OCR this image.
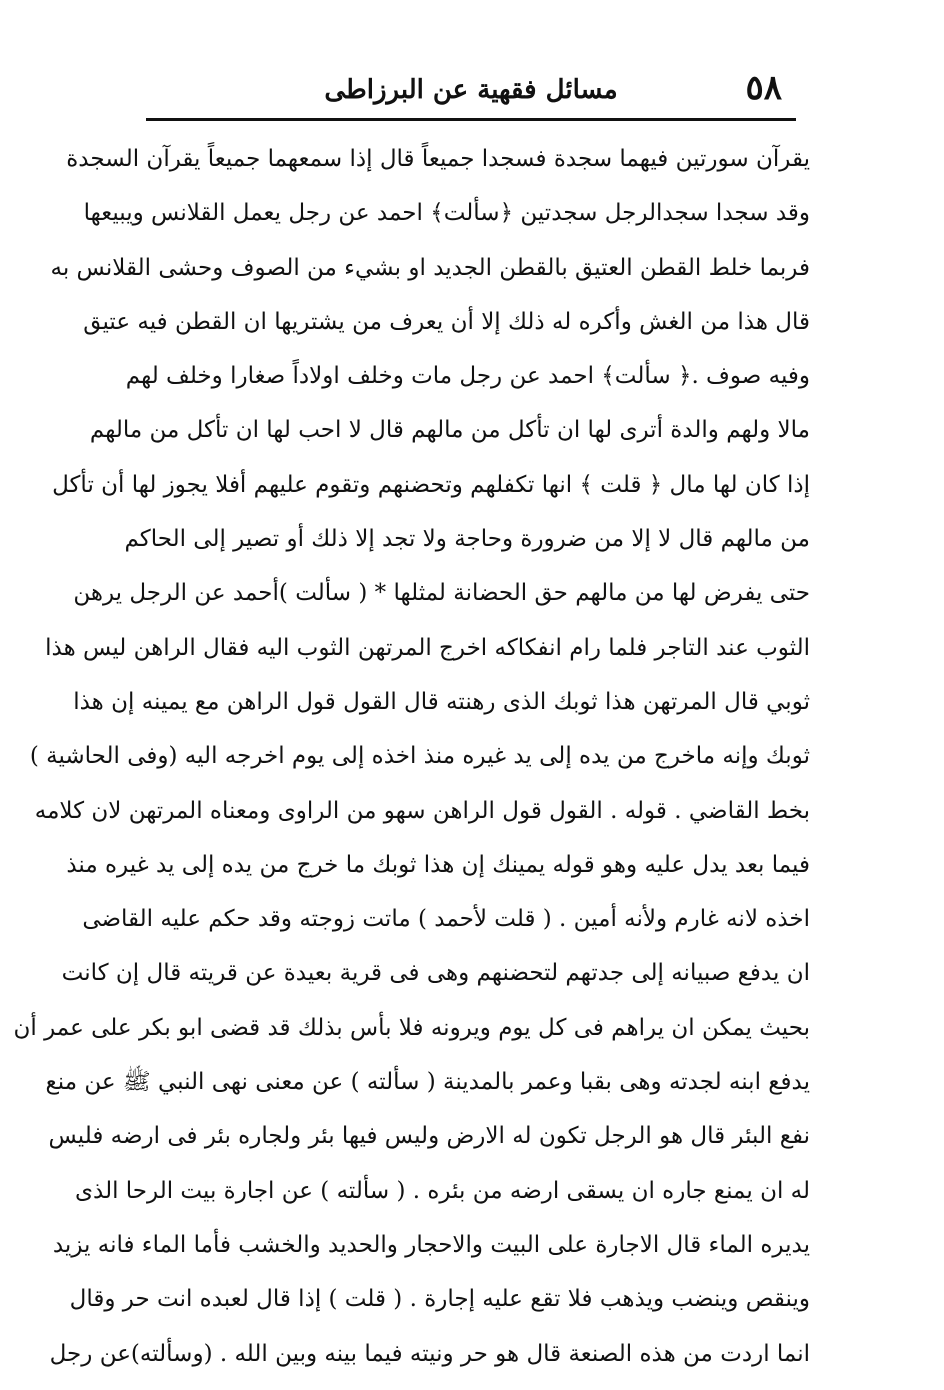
٥٨
مسائل فقهية عن البرزاطى
يقرآن سورتين فيهما سجدة فسجدا جميعاً قال إذا سمعهما جميعاً يقرآن السجدة
وقد سجدا سجدالرجل سجدتين ﴿سألت﴾ احمد عن رجل يعمل القلانس ويبيعها
فربما خلط القطن العتيق بالقطن الجديد او بشيء من الصوف وحشى القلانس به
قال هذا من الغش وأكره له ذلك إلا أن يعرف من يشتريها ان القطن فيه عتيق
وفيه صوف .﴿ سألت﴾ احمد عن رجل مات وخلف اولاداً صغارا وخلف لهم
مالا ولهم والدة أترى لها ان تأكل من مالهم قال لا احب لها ان تأكل من مالهم
إذا كان لها مال ﴿ قلت ﴾ انها تكفلهم وتحضنهم وتقوم عليهم أفلا يجوز لها أن تأكل
من مالهم قال لا إلا من ضرورة وحاجة ولا تجد إلا ذلك أو تصير إلى الحاكم
حتى يفرض لها من مالهم حق الحضانة لمثلها * ( سألت )أحمد عن الرجل يرهن
الثوب عند التاجر فلما رام انفكاكه اخرج المرتهن الثوب اليه فقال الراهن ليس هذا
ثوبي قال المرتهن هذا ثوبك الذى رهنته قال القول قول الراهن مع يمينه إن هذا
ثوبك وإنه ماخرج من يده إلى يد غيره منذ اخذه إلى يوم اخرجه اليه (وفى الحاشية )
بخط القاضي . قوله . القول قول الراهن سهو من الراوى ومعناه المرتهن لان كلامه
فيما بعد يدل عليه وهو قوله يمينك إن هذا ثوبك ما خرج من يده إلى يد غيره منذ
اخذه لانه غارم ولأنه أمين . ( قلت لأحمد ) ماتت زوجته وقد حكم عليه القاضى
ان يدفع صبيانه إلى جدتهم لتحضنهم وهى فى قرية بعيدة عن قريته قال إن كانت
بحيث يمكن ان يراهم فى كل يوم ويرونه فلا بأس بذلك قد قضى ابو بكر على عمر أن
يدفع ابنه لجدته وهى بقبا وعمر بالمدينة ( سألته ) عن معنى نهى النبي ﷺ عن منع
نفع البئر قال هو الرجل تكون له الارض وليس فيها بئر ولجاره بئر فى ارضه فليس
له ان يمنع جاره ان يسقى ارضه من بئره . ( سألته ) عن اجارة بيت الرحا الذى
يديره الماء قال الاجارة على البيت والاحجار والحديد والخشب فأما الماء فانه يزيد
وينقص وينضب ويذهب فلا تقع عليه إجارة . ( قلت ) إذا قال لعبده انت حر وقال
انما اردت من هذه الصنعة قال هو حر ونيته فيما بينه وبين الله . (وسألته)عن رجل
